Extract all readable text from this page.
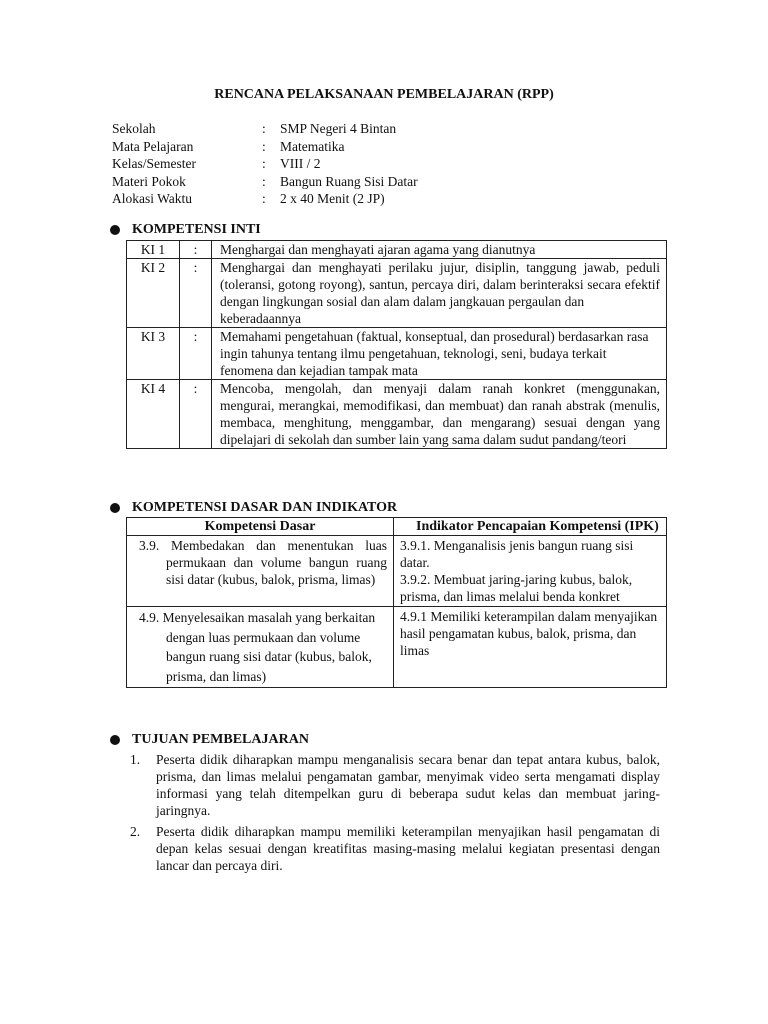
RENCANA PELAKSANAAN PEMBELAJARAN (RPP)
Sekolah	:	SMP Negeri 4 Bintan
Mata Pelajaran	:	Matematika
Kelas/Semester	:	VIII / 2
Materi Pokok	:	Bangun Ruang Sisi Datar
Alokasi Waktu	:	2 x 40 Menit (2 JP)
KOMPETENSI INTI
KI 1	:	Menghargai dan menghayati ajaran agama yang dianutnya
KI 2	:	Menghargai dan menghayati perilaku jujur, disiplin, tanggung jawab, peduli (toleransi, gotong royong), santun, percaya diri, dalam berinteraksi secara efektif dengan lingkungan sosial dan alam dalam jangkauan pergaulan dan
keberadaannya

KI 3	:	Memahami pengetahuan (faktual, konseptual, dan prosedural) berdasarkan rasa ingin tahunya tentang ilmu pengetahuan, teknologi, seni, budaya terkait fenomena dan kejadian tampak mata
KI 4	:	Mencoba, mengolah, dan menyaji dalam ranah konkret (menggunakan, mengurai, merangkai, memodifikasi, dan membuat) dan ranah abstrak (menulis, membaca, menghitung, menggambar, dan mengarang) sesuai dengan yang dipelajari di sekolah dan sumber lain yang sama dalam sudut pandang/teori
KOMPETENSI DASAR DAN INDIKATOR
Kompetensi Dasar	Indikator Pencapaian Kompetensi (IPK)

3.9. Membedakan dan menentukan luas permukaan dan volume bangun ruang sisi datar (kubus, balok, prisma, limas)	3.9.1. Menganalisis jenis bangun ruang sisi datar.
3.9.2. Membuat jaring-jaring kubus, balok, prisma, dan limas melalui benda konkret

4.9. Menyelesaikan masalah yang berkaitan dengan luas permukaan dan volume bangun ruang sisi datar (kubus, balok, prisma, dan limas)	4.9.1 Memiliki keterampilan dalam menyajikan hasil pengamatan kubus, balok, prisma, dan limas
TUJUAN PEMBELAJARAN
1.	Peserta didik diharapkan mampu menganalisis secara benar dan tepat antara kubus, balok, prisma, dan limas melalui pengamatan gambar, menyimak video serta mengamati display informasi yang telah ditempelkan guru di beberapa sudut kelas dan membuat jaring-jaringnya.
2.	Peserta didik diharapkan mampu memiliki keterampilan menyajikan hasil pengamatan di depan kelas sesuai dengan kreatifitas masing-masing melalui kegiatan presentasi dengan lancar dan percaya diri.
